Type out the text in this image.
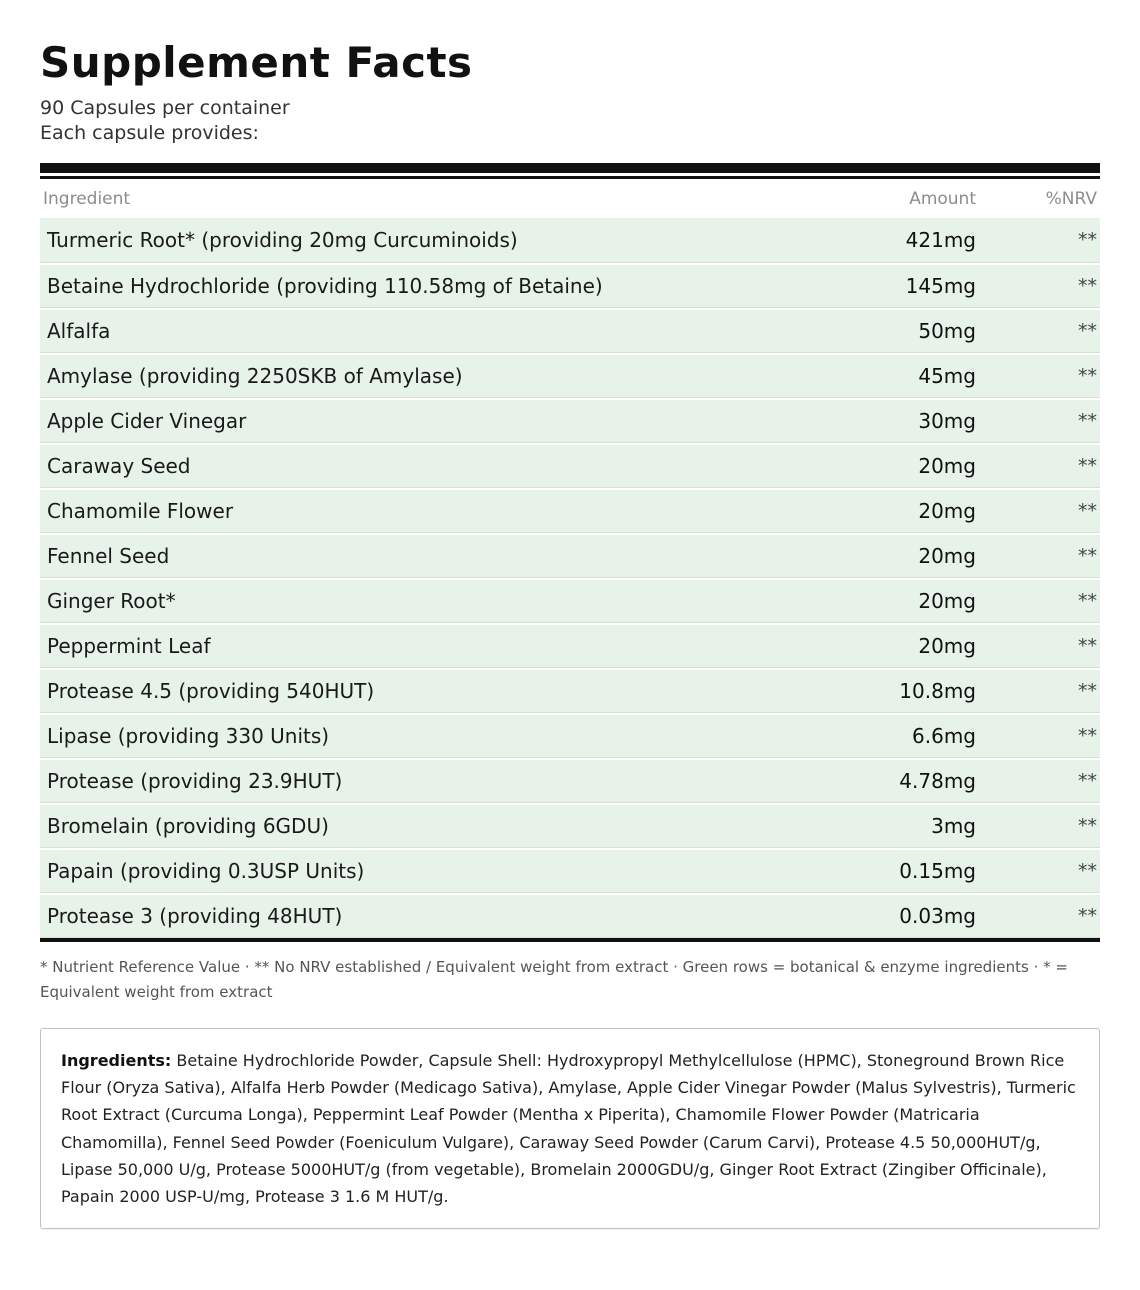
Supplement Facts
90 Capsules per container
Each capsule provides:
Ingredient	Amount	%NRV
Turmeric Root* (providing 20mg Curcuminoids)	421mg	**
Betaine Hydrochloride (providing 110.58mg of Betaine)	145mg	**
Alfalfa	50mg	**
Amylase (providing 2250SKB of Amylase)	45mg	**
Apple Cider Vinegar	30mg	**
Caraway Seed	20mg	**
Chamomile Flower	20mg	**
Fennel Seed	20mg	**
Ginger Root*	20mg	**
Peppermint Leaf	20mg	**
Protease 4.5 (providing 540HUT)	10.8mg	**
Lipase (providing 330 Units)	6.6mg	**
Protease (providing 23.9HUT)	4.78mg	**
Bromelain (providing 6GDU)	3mg	**
Papain (providing 0.3USP Units)	0.15mg	**
Protease 3 (providing 48HUT)	0.03mg	**
* Nutrient Reference Value · ** No NRV established / Equivalent weight from extract · Green rows = botanical & enzyme ingredients · * = Equivalent weight from extract
Ingredients: Betaine Hydrochloride Powder, Capsule Shell: Hydroxypropyl Methylcellulose (HPMC), Stoneground Brown Rice Flour (Oryza Sativa), Alfalfa Herb Powder (Medicago Sativa), Amylase, Apple Cider Vinegar Powder (Malus Sylvestris), Turmeric Root Extract (Curcuma Longa), Peppermint Leaf Powder (Mentha x Piperita), Chamomile Flower Powder (Matricaria Chamomilla), Fennel Seed Powder (Foeniculum Vulgare), Caraway Seed Powder (Carum Carvi), Protease 4.5 50,000HUT/g, Lipase 50,000 U/g, Protease 5000HUT/g (from vegetable), Bromelain 2000GDU/g, Ginger Root Extract (Zingiber Officinale), Papain 2000 USP-U/mg, Protease 3 1.6 M HUT/g.
